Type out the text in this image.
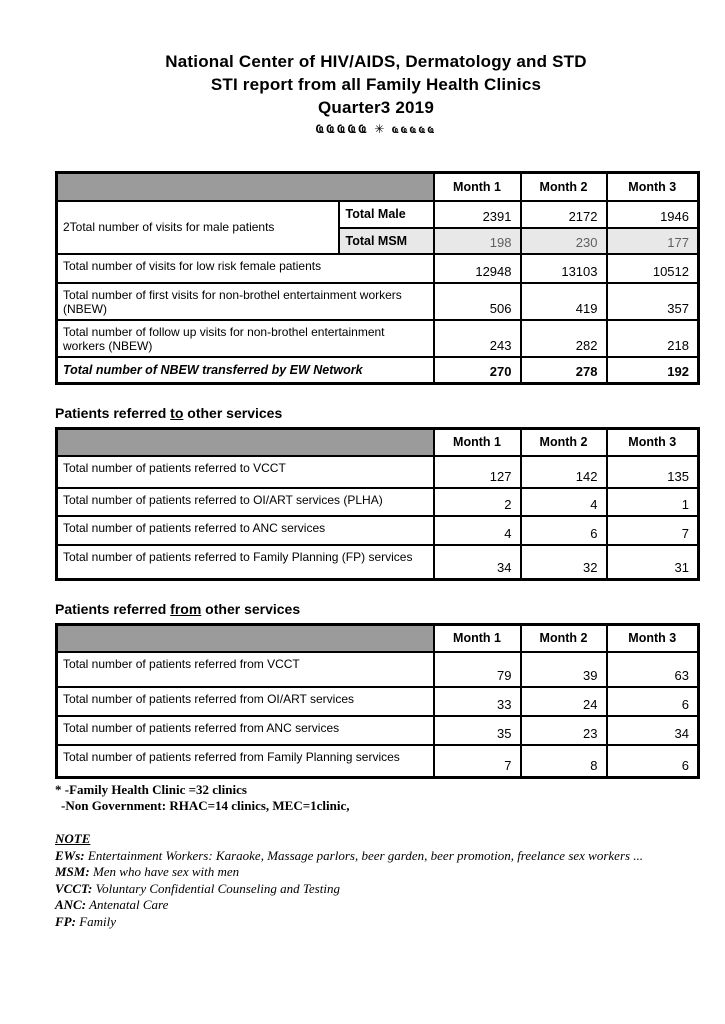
National Center of HIV/AIDS, Dermatology and STD
STI report from all Family Health Clinics
Quarter3 2019
ҨҨҨҨҨ ✳ ҩҩҩҩҩ
		Month 1	Month 2	Month 3
2Total number of visits for male patients	Total Male	2391	2172	1946
	Total MSM	198	230	177
Total number of visits for low risk female patients		12948	13103	10512
Total number of first visits for non-brothel entertainment workers (NBEW)		506	419	357
Total number of follow up visits for non-brothel entertainment workers (NBEW)		243	282	218
Total number of NBEW transferred by EW Network		270	278	192
Patients referred to other services
	Month 1	Month 2	Month 3
Total number of patients referred to VCCT	127	142	135
Total number of patients referred to OI/ART services (PLHA)	2	4	1
Total number of patients referred to ANC services	4	6	7
Total number of patients referred to Family Planning (FP) services	34	32	31
Patients referred from other services
	Month 1	Month 2	Month 3
Total number of patients referred from VCCT	79	39	63
Total number of patients referred from OI/ART services	33	24	6
Total number of patients referred from ANC services	35	23	34
Total number of patients referred from Family Planning services	7	8	6
* -Family Health Clinic =32 clinics
-Non Government: RHAC=14 clinics, MEC=1clinic,
NOTE
EWs: Entertainment Workers: Karaoke, Massage parlors, beer garden, beer promotion, freelance sex workers ...
MSM: Men who have sex with men
VCCT: Voluntary Confidential Counseling and Testing
ANC: Antenatal Care
FP: Family
